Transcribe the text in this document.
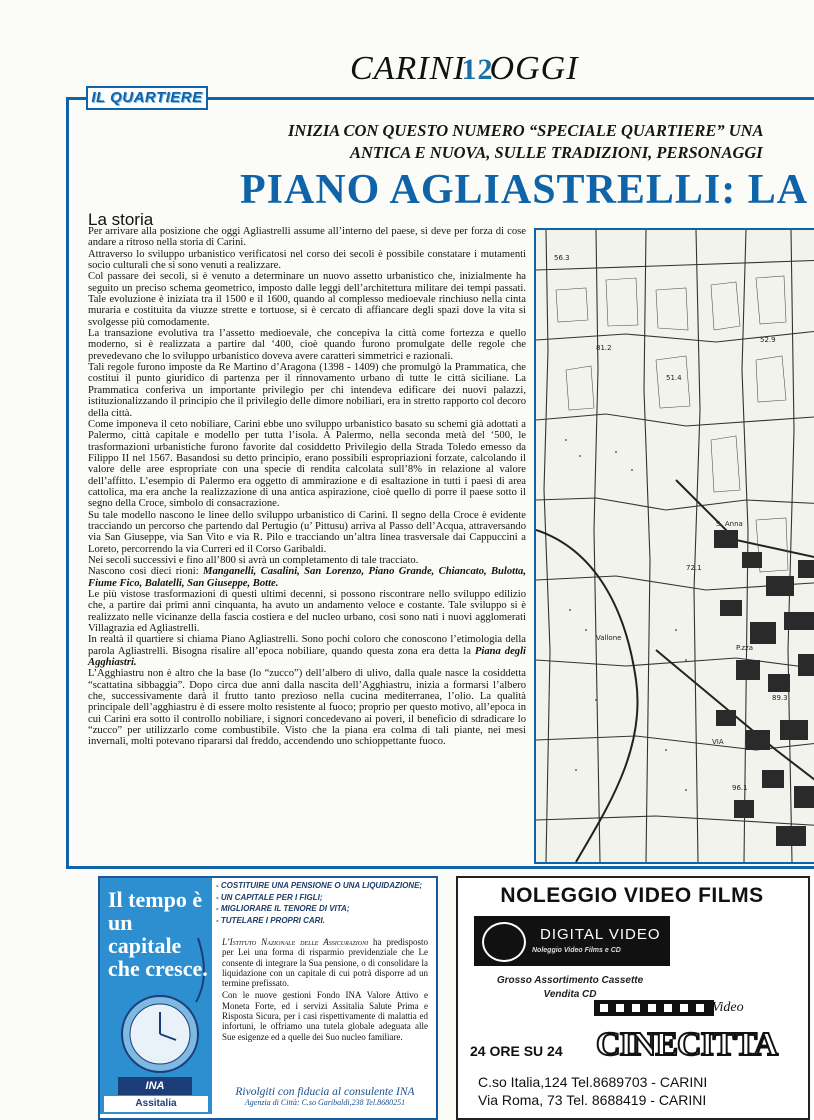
CARINI12OGGI
IL QUARTIERE
INIZIA CON QUESTO NUMERO “SPECIALE QUARTIERE” UNA
ANTICA E NUOVA, SULLE TRADIZIONI, PERSONAGGI
PIANO AGLIASTRELLI: LA
La storia

Per arrivare alla posizione che oggi Agliastrelli assume all’interno del paese, si deve per forza di cose andare a ritroso nella storia di Carini.

Attraverso lo sviluppo urbanistico verificatosi nel corso dei secoli è possibile constatare i mutamenti socio culturali che si sono venuti a realizzare.

Col passare dei secoli, si è venuto a determinare un nuovo assetto urbanistico che, inizialmente ha seguito un preciso schema geometrico, imposto dalle leggi dell’architettura militare dei tempi passati. Tale evoluzione è iniziata tra il 1500 e il 1600, quando al complesso medioevale rinchiuso nella cinta muraria e costituita da viuzze strette e tortuose, si è cercato di affiancare degli spazi dove la vita si svolgesse più comodamente.

La transazione evolutiva tra l’assetto medioevale, che concepiva la città come fortezza e quello moderno, si è realizzata a partire dal ‘400, cioè quando furono promulgate delle regole che prevedevano che lo sviluppo urbanistico doveva avere caratteri simmetrici e razionali.

Tali regole furono imposte da Re Martino d’Aragona (1398 - 1409) che promulgò la Prammatica, che costituì il punto giuridico di partenza per il rinnovamento urbano di tutte le città siciliane. La Prammatica conferiva un importante privilegio per chi intendeva edificare dei nuovi palazzi, istituzionalizzando il principio che il privilegio delle dimore nobiliari, era in stretto rapporto col decoro della città.

Come imponeva il ceto nobiliare, Carini ebbe uno sviluppo urbanistico basato su schemi già adottati a Palermo, città capitale e modello per tutta l’isola. A Palermo, nella seconda metà del ‘500, le trasformazioni urbanistiche furono favorite dal cosiddetto Privilegio della Strada Toledo emesso da Filippo II nel 1567. Basandosi su detto principio, erano possibili espropriazioni forzate, calcolando il valore delle aree espropriate con una specie di rendita calcolata sull’8% in relazione al valore dell’affitto. L’esempio di Palermo era oggetto di ammirazione e di esaltazione in tutti i paesi di area cattolica, ma era anche la realizzazione di una antica aspirazione, cioè quello di porre il paese sotto il segno della Croce, simbolo di consacrazione.

Su tale modello nascono le linee dello sviluppo urbanistico di Carini. Il segno della Croce è evidente tracciando un percorso che partendo dal Pertugio (u’ Pittusu) arriva al Passo dell’Acqua, attraversando via San Giuseppe, via San Vito e via R. Pilo e tracciando un’altra linea trasversale dai Cappuccini a Loreto, percorrendo la via Curreri ed il Corso Garibaldi.

Nei secoli successivi e fino all’800 si avrà un completamento di tale tracciato.

Nascono così dieci rioni: Manganelli, Casalini, San Lorenzo, Piano Grande, Chiancato, Bulotta, Fiume Fico, Balatelli, San Giuseppe, Botte.

Le più vistose trasformazioni di questi ultimi decenni, si possono riscontrare nello sviluppo edilizio che, a partire dai primi anni cinquanta, ha avuto un andamento veloce e costante. Tale sviluppo si è realizzato nelle vicinanze della fascia costiera e del nucleo urbano, così sono nati i nuovi agglomerati Villagrazia ed Agliastrelli.

In realtà il quartiere si chiama Piano Agliastrelli. Sono pochi coloro che conoscono l’etimologia della parola Agliastrelli. Bisogna risalire all’epoca nobiliare, quando questa zona era detta la Piana degli Agghiastri.

L’Agghiastru non è altro che la base (lo “zucco”) dell’albero di ulivo, dalla quale nasce la cosiddetta “scattatina sibbaggia”. Dopo circa due anni dalla nascita dell’Agghiastru, inizia a formarsi l’albero che, successivamente darà il frutto tanto prezioso nella cucina mediterranea, l’olio. La qualità principale dell’agghiastru è di essere molto resistente al fuoco; proprio per questo motivo, all’epoca in cui Carini era sotto il controllo nobiliare, i signori concedevano ai poveri, il beneficio di sdradicare lo “zucco” per utilizzarlo come combustibile. Visto che la piana era colma di tali piante, nei mesi invernali, molti potevano ripararsi dal freddo, accendendo uno schioppettante fuoco.

56.3
51.4
52.9
S. Anna
Vallone
P.zza
VIA
89.3
96.1
72.1
81.2
Il tempo è un capitale che cresce.
INA
Assitalia
- COSTITUIRE UNA PENSIONE O UNA LIQUIDAZIONE;
- UN CAPITALE PER I FIGLI;
- MIGLIORARE IL TENORE DI VITA;
- TUTELARE I PROPRI CARI.

L’Istituto Nazionale delle Assicurazioni ha predisposto per Lei una forma di risparmio previdenziale che Le consente di integrare la Sua pensione, o di consolidare la liquidazione con un capitale di cui potrà disporre ad un termine prefissato.

Con le nuove gestioni Fondo INA Valore Attivo e Moneta Forte, ed i servizi Assitalia Salute Prima e Risposta Sicura, per i casi rispettivamente di malattia ed infortuni, le offriamo una tutela globale adeguata alle Sue esigenze ed a quelle dei Suo nucleo familiare.

Rivolgiti con fiducia al consulente INA
Agenzia di Città: C.so Garibaldi,238 Tel.8680251
NOLEGGIO VIDEO FILMS
DIGITAL VIDEO
Noleggio Video Films e CD
Grosso Assortimento Cassette
Vendita CD
Video
CINECITTA
24 ORE SU 24
C.so Italia,124 Tel.8689703 - CARINI
Via Roma, 73 Tel. 8688419 - CARINI
